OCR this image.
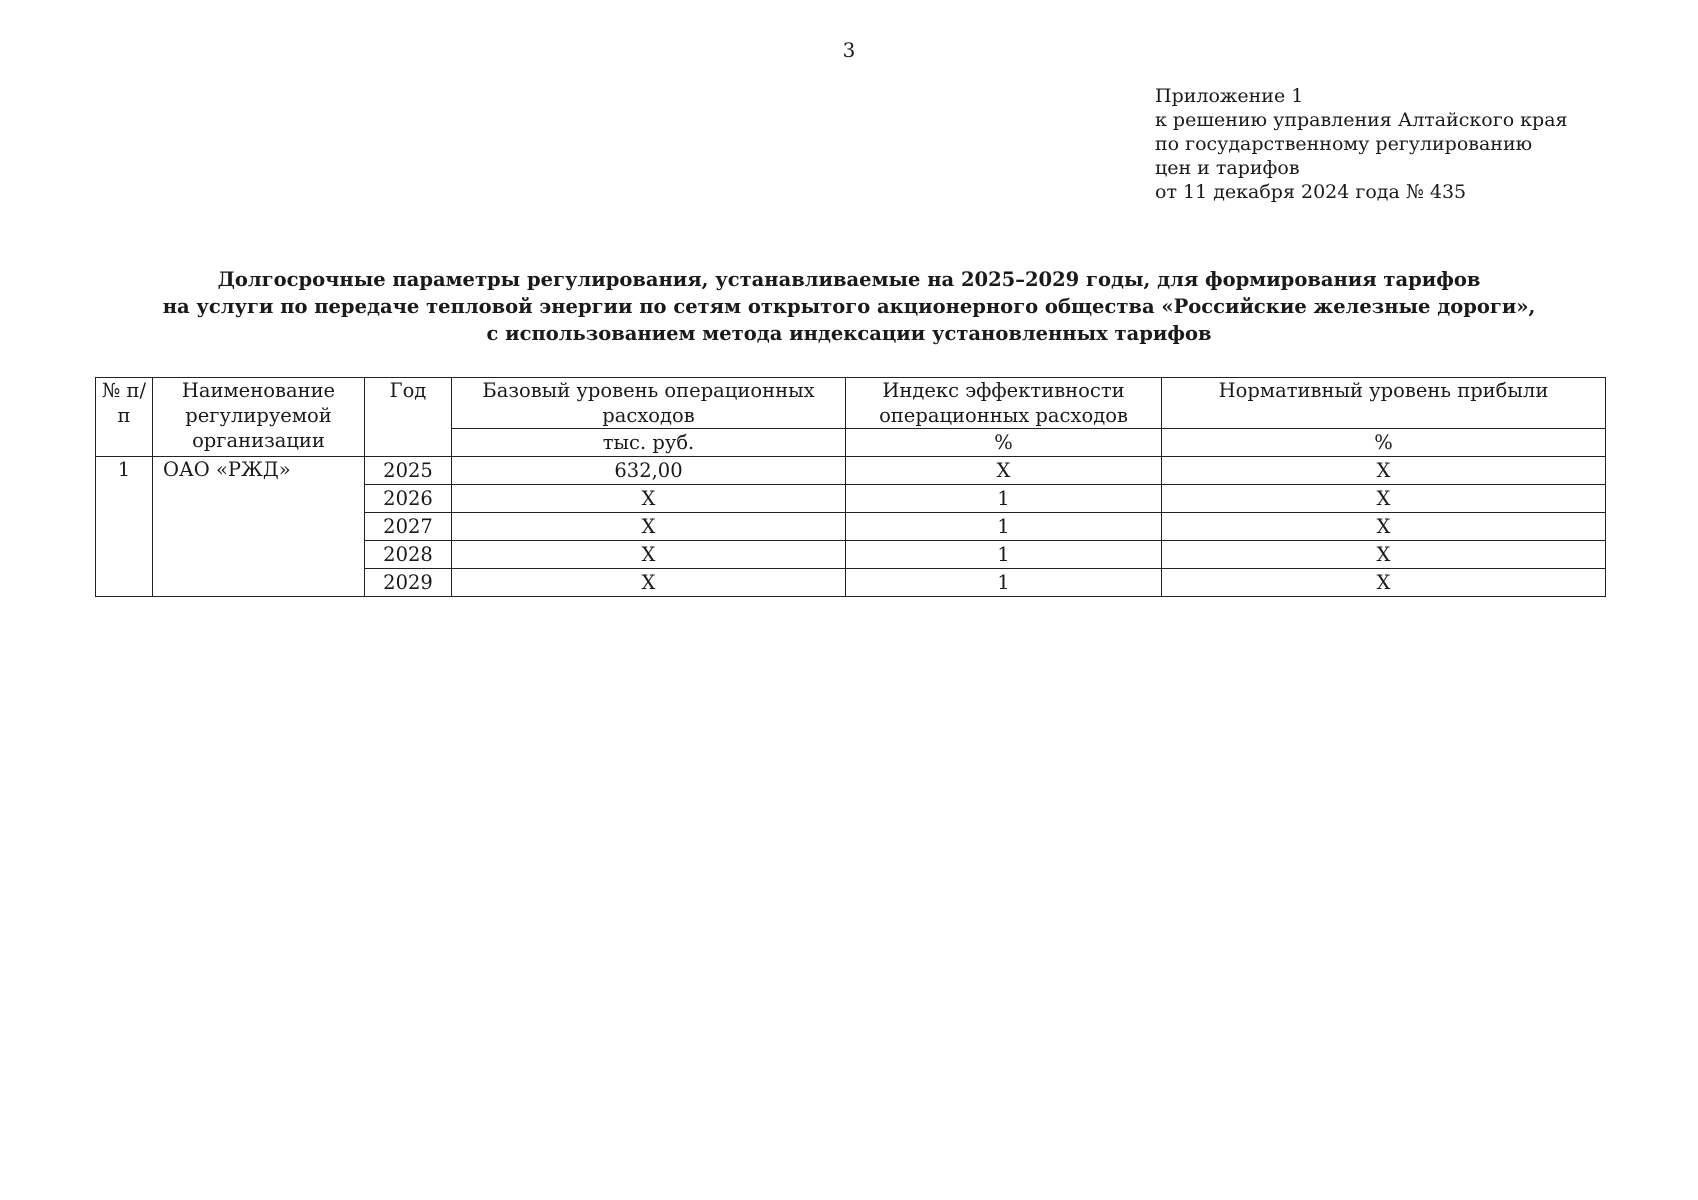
3
Приложение 1
к решению управления Алтайского края
по государственному регулированию
цен и тарифов
от 11 декабря 2024 года № 435
Долгосрочные параметры регулирования, устанавливаемые на 2025–2029 годы, для формирования тарифов
на услуги по передаче тепловой энергии по сетям открытого акционерного общества «Российские железные дороги»,
с использованием метода индексации установленных тарифов
№ п/п	Наименование регулируемой организации	Год	Базовый уровень операционных расходов	Индекс эффективности операционных расходов	Нормативный уровень прибыли
			тыс. руб.	%	%
1	ОАО «РЖД»	2025	632,00	Х	Х
		2026	Х	1	Х
		2027	Х	1	Х
		2028	Х	1	Х
		2029	Х	1	Х
